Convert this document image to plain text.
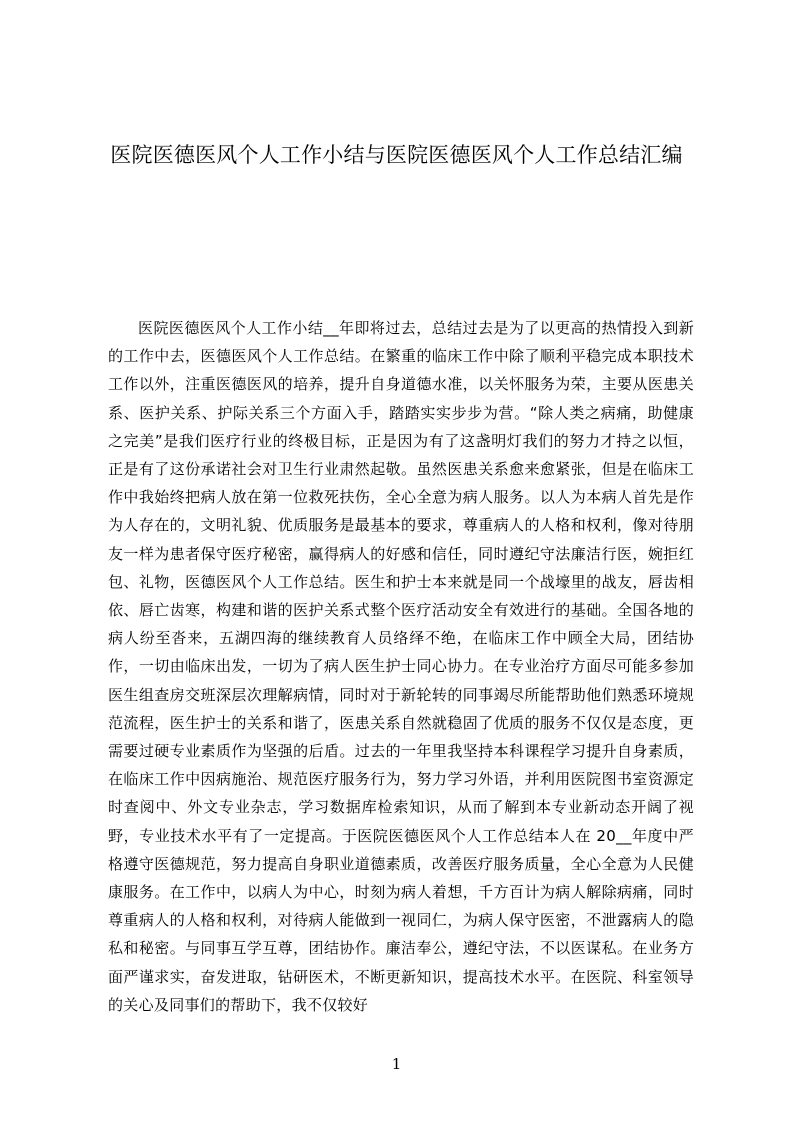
医院医德医风个人工作小结与医院医德医风个人工作总结汇编

医院医德医风个人工作小结__年即将过去，总结过去是为了以更高的热情投入到新的工作中去，医德医风个人工作总结。在繁重的临床工作中除了顺利平稳完成本职技术工作以外，注重医德医风的培养，提升自身道德水准，以关怀服务为荣，主要从医患关系、医护关系、护际关系三个方面入手，踏踏实实步步为营。“除人类之病痛，助健康之完美”是我们医疗行业的终极目标，正是因为有了这盏明灯我们的努力才持之以恒，正是有了这份承诺社会对卫生行业肃然起敬。虽然医患关系愈来愈紧张，但是在临床工作中我始终把病人放在第一位救死扶伤，全心全意为病人服务。以人为本病人首先是作为人存在的，文明礼貌、优质服务是最基本的要求，尊重病人的人格和权利，像对待朋友一样为患者保守医疗秘密，赢得病人的好感和信任，同时遵纪守法廉洁行医，婉拒红包、礼物，医德医风个人工作总结。医生和护士本来就是同一个战壕里的战友，唇齿相依、唇亡齿寒，构建和谐的医护关系式整个医疗活动安全有效进行的基础。全国各地的病人纷至沓来，五湖四海的继续教育人员络绎不绝，在临床工作中顾全大局，团结协作，一切由临床出发，一切为了病人医生护士同心协力。在专业治疗方面尽可能多参加医生组查房交班深层次理解病情，同时对于新轮转的同事竭尽所能帮助他们熟悉环境规范流程，医生护士的关系和谐了，医患关系自然就稳固了优质的服务不仅仅是态度，更需要过硬专业素质作为坚强的后盾。过去的一年里我坚持本科课程学习提升自身素质，在临床工作中因病施治、规范医疗服务行为，努力学习外语，并利用医院图书室资源定时查阅中、外文专业杂志，学习数据库检索知识，从而了解到本专业新动态开阔了视野，专业技术水平有了一定提高。于医院医德医风个人工作总结本人在 20__年度中严格遵守医德规范，努力提高自身职业道德素质，改善医疗服务质量，全心全意为人民健康服务。在工作中，以病人为中心，时刻为病人着想，千方百计为病人解除病痛，同时尊重病人的人格和权利，对待病人能做到一视同仁，为病人保守医密，不泄露病人的隐私和秘密。与同事互学互尊，团结协作。廉洁奉公，遵纪守法，不以医谋私。在业务方面严谨求实，奋发进取，钻研医术，不断更新知识，提高技术水平。在医院、科室领导的关心及同事们的帮助下，我不仅较好

1
